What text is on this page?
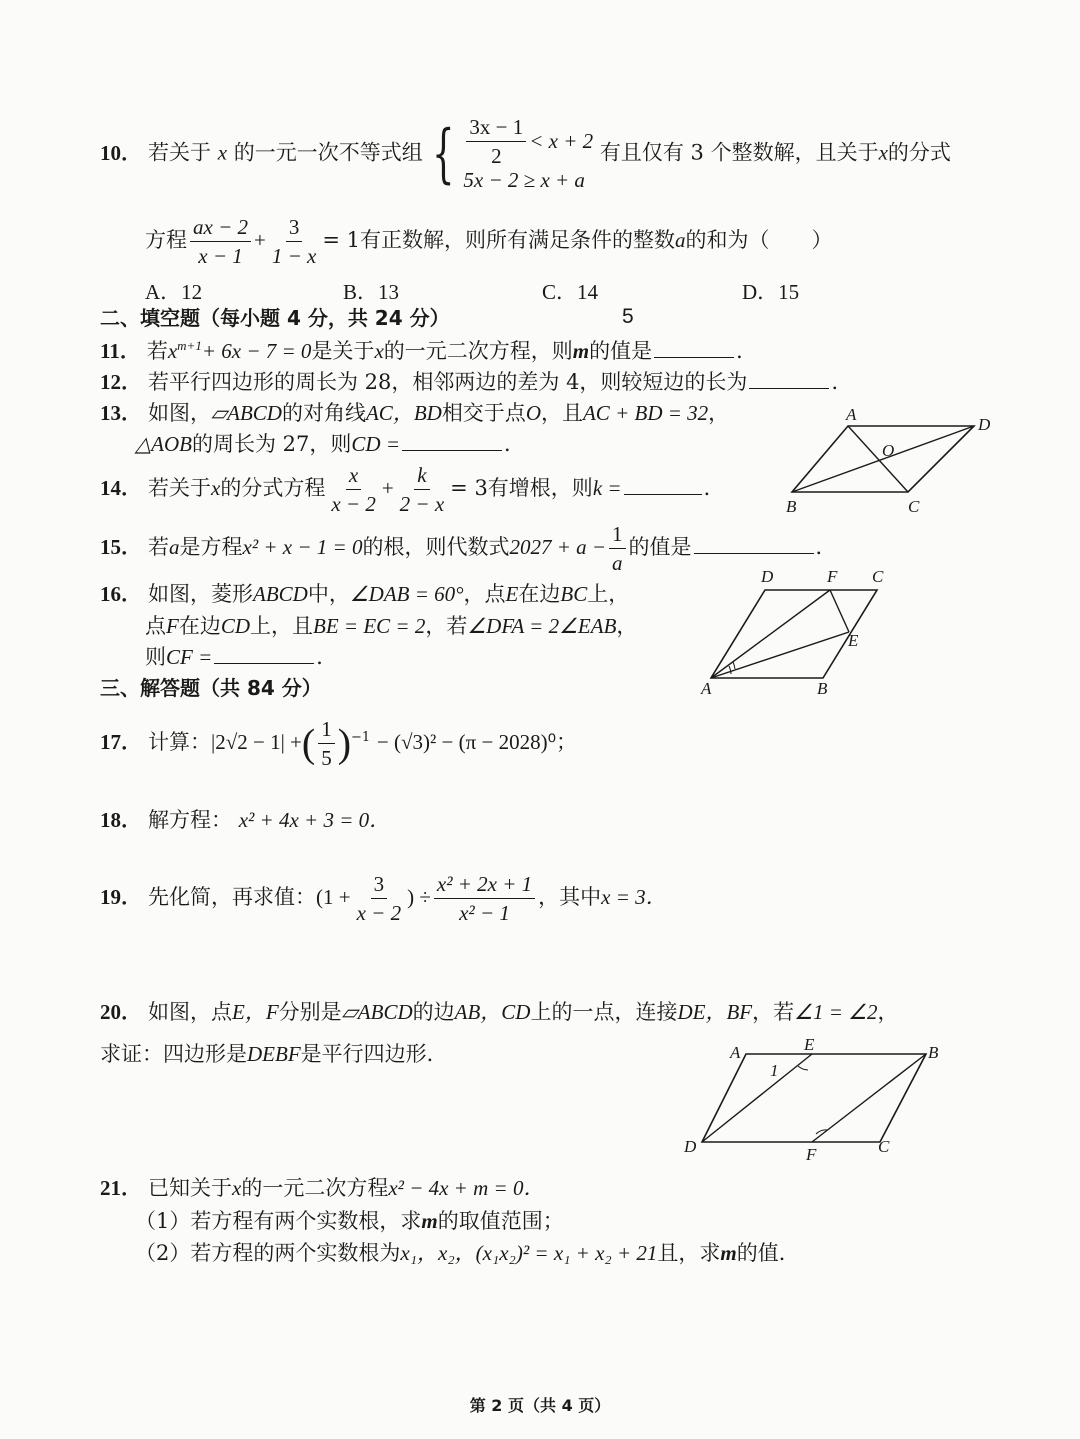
10． 若关于 x 的一元一次不等式组 { $\frac{3x - 1}{2} < x + 2$
5x − 2 ≥ x + a
有且仅有 3 个整数解，且关于x的分式
方程 $\frac{ax - 2}{x - 1} + \frac{3}{1 - x} = 1$有正数解，则所有满足条件的整数a的和为（　　）
A．12	B．13	C．14	D．15
二、填空题（每小题 4 分，共 24 分）	5
11． 若$x^{m+1}+ 6x - 7 = 0$是关于x的一元二次方程，则m的值是	．
12． 若平行四边形的周长为 28，相邻两边的差为 4，则较短边的长为	．
13． 如图，▱ABCD的对角线AC，BD相交于点O，且AC + BD = 32，
△AOB的周长为 27，则CD =	．
A
D
O
B	C
14． 若关于x的分式方程 $\frac{x}{x - 2} + \frac{k}{2 - x} = 3$有增根，则k =	．
15． 若a是方程x² + x − 1 = 0的根，则代数式$2027 + a - \frac{1}{a}$ 的值是	．
16． 如图，菱形ABCD中，∠DAB = 60°，点E在边BC上，
点F在边CD上，且BE = EC = 2，若∠DFA = 2∠EAB，
则CF =	．
D	F C
E
A	B
三、解答题（共 84 分）
17． 计算：|2√2 − 1| +( $\frac{1}{5} )^{-1} - (√3)^2 - (\pi - 2028)^0$；
18． 解方程： x² + 4x + 3 = 0．
19． 先化简，再求值：($1 + \frac{3}{x - 2}$ ) ÷ $\frac{\text{x² + 2x + 1}}{\text{x² − 1}}$ ，其中x = 3．
20． 如图，点E，F分别是▱ABCD的边AB，CD上的一点，连接DE，BF，若∠1 = ∠2，
求证：四边形是DEBF是平行四边形．	A	E	B
1
D	F	C
21． 已知关于x的一元二次方程x² − 4x + m = 0．
（1）若方程有两个实数根，求m的取值范围；
（2）若方程的两个实数根为x₁，x₂，(x₁x₂)² = x₁ + x₂ + 21且，求m的值．
第 2 页（共 4 页）
